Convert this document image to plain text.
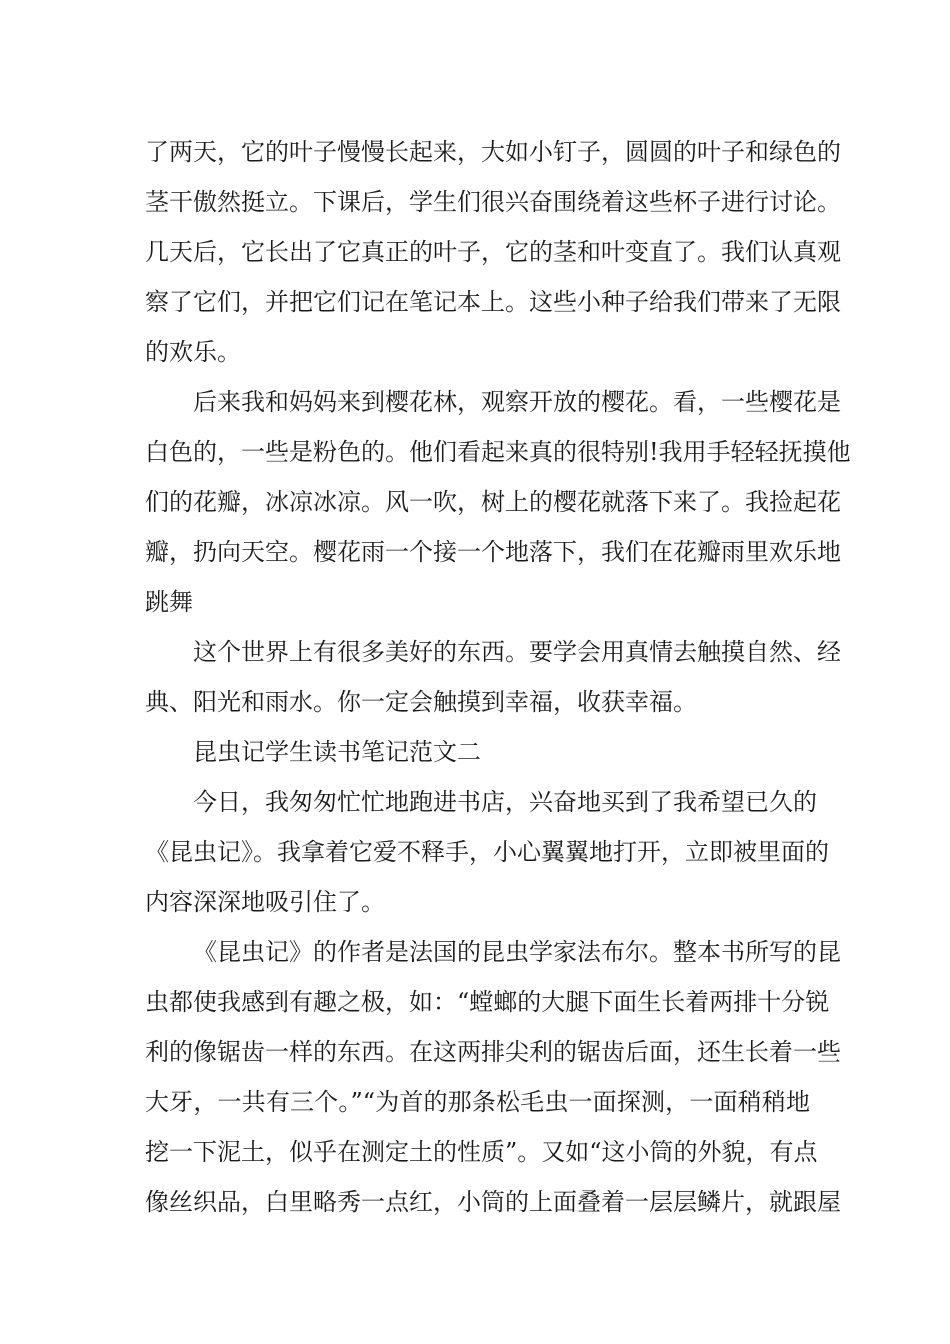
了两天，它的叶子慢慢长起来，大如小钉子，圆圆的叶子和绿色的

茎干傲然挺立。下课后，学生们很兴奋围绕着这些杯子进行讨论。

几天后，它长出了它真正的叶子，它的茎和叶变直了。我们认真观

察了它们，并把它们记在笔记本上。这些小种子给我们带来了无限

的欢乐。

后来我和妈妈来到樱花林，观察开放的樱花。看，一些樱花是

白色的，一些是粉色的。他们看起来真的很特别!我用手轻轻抚摸他

们的花瓣，冰凉冰凉。风一吹，树上的樱花就落下来了。我捡起花

瓣，扔向天空。樱花雨一个接一个地落下，我们在花瓣雨里欢乐地

跳舞

这个世界上有很多美好的东西。要学会用真情去触摸自然、经

典、阳光和雨水。你一定会触摸到幸福，收获幸福。

昆虫记学生读书笔记范文二

今日，我匆匆忙忙地跑进书店，兴奋地买到了我希望已久的

《昆虫记》。我拿着它爱不释手，小心翼翼地打开，立即被里面的

内容深深地吸引住了。

《昆虫记》的作者是法国的昆虫学家法布尔。整本书所写的昆

虫都使我感到有趣之极，如：“螳螂的大腿下面生长着两排十分锐

利的像锯齿一样的东西。在这两排尖利的锯齿后面，还生长着一些

大牙，一共有三个。”“为首的那条松毛虫一面探测，一面稍稍地

挖一下泥土，似乎在测定土的性质”。又如“这小筒的外貌，有点

像丝织品，白里略秀一点红，小筒的上面叠着一层层鳞片，就跟屋
